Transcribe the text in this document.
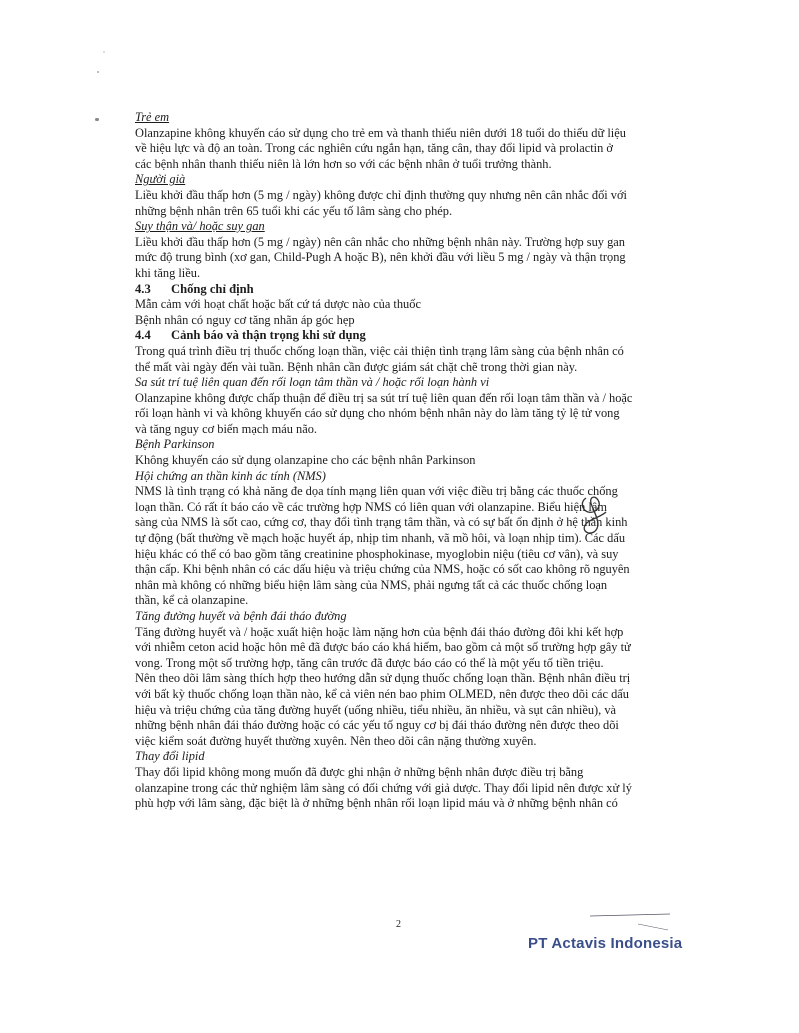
Trẻ em

Olanzapine không khuyến cáo sử dụng cho trẻ em và thanh thiếu niên dưới 18 tuổi do thiếu dữ liệu

về hiệu lực và độ an toàn. Trong các nghiên cứu ngắn hạn, tăng cân, thay đổi lipid và prolactin ở

các bệnh nhân thanh thiếu niên là lớn hơn so với các bệnh nhân ở tuổi trưởng thành.

Người già

Liều khởi đầu thấp hơn (5 mg / ngày) không được chỉ định thường quy nhưng nên cân nhắc đối với

những bệnh nhân trên 65 tuổi khi các yếu tố lâm sàng cho phép.

Suy thận và/ hoặc suy gan

Liều khởi đầu thấp hơn (5 mg / ngày) nên cân nhắc cho những bệnh nhân này. Trường hợp suy gan

mức độ trung bình (xơ gan, Child-Pugh A hoặc B), nên khởi đầu với liều 5 mg / ngày và thận trọng

khi tăng liều.

4.3 Chống chỉ định

Mẫn cảm với hoạt chất hoặc bất cứ tá dược nào của thuốc

Bệnh nhân có nguy cơ tăng nhãn áp góc hẹp

4.4 Cảnh báo và thận trọng khi sử dụng

Trong quá trình điều trị thuốc chống loạn thần, việc cải thiện tình trạng lâm sàng của bệnh nhân có

thể mất vài ngày đến vài tuần. Bệnh nhân cần được giám sát chặt chẽ trong thời gian này.

Sa sút trí tuệ liên quan đến rối loạn tâm thần và / hoặc rối loạn hành vi

Olanzapine không được chấp thuận để điều trị sa sút trí tuệ liên quan đến rối loạn tâm thần và / hoặc

rối loạn hành vi và không khuyến cáo sử dụng cho nhóm bệnh nhân này do làm tăng tỷ lệ tử vong

và tăng nguy cơ biến mạch máu não.

Bệnh Parkinson

Không khuyến cáo sử dụng olanzapine cho các bệnh nhân Parkinson

Hội chứng an thần kinh ác tính (NMS)

NMS là tình trạng có khả năng đe dọa tính mạng liên quan với việc điều trị bằng các thuốc chống

loạn thần. Có rất ít báo cáo về các trường hợp NMS có liên quan với olanzapine. Biểu hiện lâm

sàng của NMS là sốt cao, cứng cơ, thay đổi tình trạng tâm thần, và có sự bất ổn định ở hệ thần kinh

tự động (bất thường về mạch hoặc huyết áp, nhịp tim nhanh, vã mồ hôi, và loạn nhịp tim). Các dấu

hiệu khác có thể có bao gồm tăng creatinine phosphokinase, myoglobin niệu (tiêu cơ vân), và suy

thận cấp. Khi bệnh nhân có các dấu hiệu và triệu chứng của NMS, hoặc có sốt cao không rõ nguyên

nhân mà không có những biểu hiện lâm sàng của NMS, phải ngưng tất cả các thuốc chống loạn

thần, kể cả olanzapine.

Tăng đường huyết và bệnh đái tháo đường

Tăng đường huyết và / hoặc xuất hiện hoặc làm nặng hơn của bệnh đái tháo đường đôi khi kết hợp

với nhiễm ceton acid hoặc hôn mê đã được báo cáo khá hiếm, bao gồm cả một số trường hợp gây tử

vong. Trong một số trường hợp, tăng cân trước đã được báo cáo có thể là một yếu tố tiền triệu.

Nên theo dõi lâm sàng thích hợp theo hướng dẫn sử dụng thuốc chống loạn thần. Bệnh nhân điều trị

với bất kỳ thuốc chống loạn thần nào, kể cả viên nén bao phim OLMED, nên được theo dõi các dấu

hiệu và triệu chứng của tăng đường huyết (uống nhiều, tiểu nhiều, ăn nhiều, và sụt cân nhiều), và

những bệnh nhân đái tháo đường hoặc có các yếu tố nguy cơ bị đái tháo đường nên được theo dõi

việc kiểm soát đường huyết thường xuyên. Nên theo dõi cân nặng thường xuyên.

Thay đổi lipid

Thay đổi lipid không mong muốn đã được ghi nhận ở những bệnh nhân được điều trị bằng

olanzapine trong các thử nghiệm lâm sàng có đối chứng với giả dược. Thay đổi lipid nên được xử lý

phù hợp với lâm sàng, đặc biệt là ở những bệnh nhân rối loạn lipid máu và ở những bệnh nhân có

2
PT Actavis Indonesia
